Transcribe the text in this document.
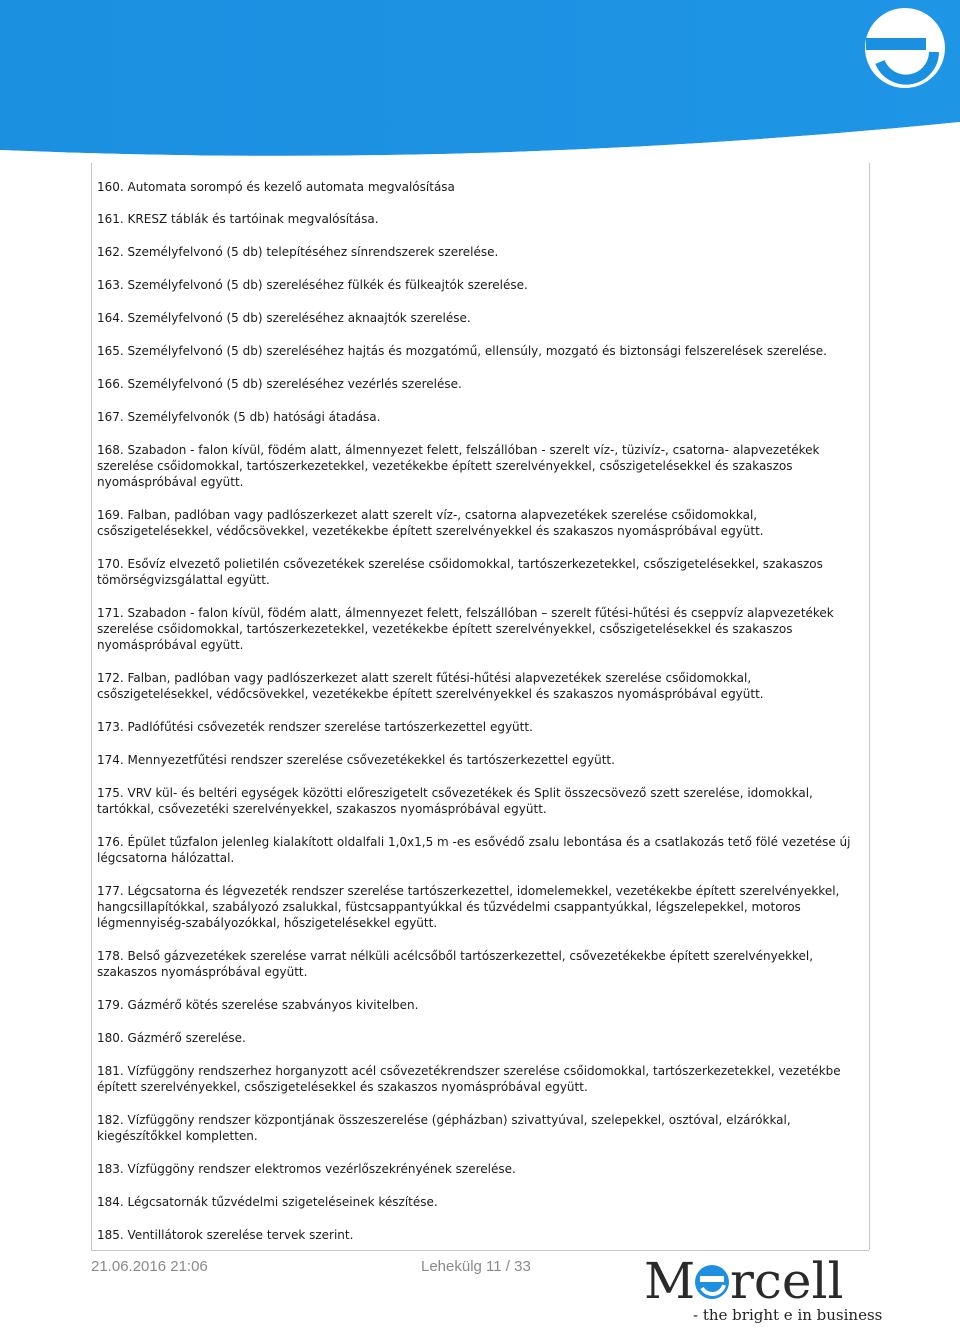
160. Automata sorompó és kezelő automata megvalósítása
161. KRESZ táblák és tartóinak megvalósítása.
162. Személyfelvonó (5 db) telepítéséhez sínrendszerek szerelése.
163. Személyfelvonó (5 db) szereléséhez fülkék és fülkeajtók szerelése.
164. Személyfelvonó (5 db) szereléséhez aknaajtók szerelése.
165. Személyfelvonó (5 db) szereléséhez hajtás és mozgatómű, ellensúly, mozgató és biztonsági felszerelések szerelése.
166. Személyfelvonó (5 db) szereléséhez vezérlés szerelése.
167. Személyfelvonók (5 db) hatósági átadása.
168. Szabadon - falon kívül, födém alatt, álmennyezet felett, felszállóban - szerelt víz-, tüzivíz-, csatorna- alapvezetékek szerelése csőidomokkal, tartószerkezetekkel, vezetékekbe épített szerelvényekkel, csőszigetelésekkel és szakaszos nyomáspróbával együtt.
169. Falban, padlóban vagy padlószerkezet alatt szerelt víz-, csatorna alapvezetékek szerelése csőidomokkal, csőszigetelésekkel, védőcsövekkel, vezetékekbe épített szerelvényekkel és szakaszos nyomáspróbával együtt.
170. Esővíz elvezető polietilén csővezetékek szerelése csőidomokkal, tartószerkezetekkel, csőszigetelésekkel, szakaszos tömörségvizsgálattal együtt.
171. Szabadon - falon kívül, födém alatt, álmennyezet felett, felszállóban – szerelt fűtési-hűtési és cseppvíz alapvezetékek szerelése csőidomokkal, tartószerkezetekkel, vezetékekbe épített szerelvényekkel, csőszigetelésekkel és szakaszos nyomáspróbával együtt.
172. Falban, padlóban vagy padlószerkezet alatt szerelt fűtési-hűtési alapvezetékek szerelése csőidomokkal, csőszigetelésekkel, védőcsövekkel, vezetékekbe épített szerelvényekkel és szakaszos nyomáspróbával együtt.
173. Padlófűtési csővezeték rendszer szerelése tartószerkezettel együtt.
174. Mennyezetfűtési rendszer szerelése csővezetékekkel és tartószerkezettel együtt.
175. VRV kül- és beltéri egységek közötti előreszigetelt csővezetékek és Split összecsövező szett szerelése, idomokkal, tartókkal, csővezetéki szerelvényekkel, szakaszos nyomáspróbával együtt.
176. Épület tűzfalon jelenleg kialakított oldalfali 1,0x1,5 m -es esővédő zsalu lebontása és a csatlakozás tető fölé vezetése új légcsatorna hálózattal.
177. Légcsatorna és légvezeték rendszer szerelése tartószerkezettel, idomelemekkel, vezetékekbe épített szerelvényekkel, hangcsillapítókkal, szabályozó zsalukkal, füstcsappantyúkkal és tűzvédelmi csappantyúkkal, légszelepekkel, motoros légmennyiség-szabályozókkal, hőszigetelésekkel együtt.
178. Belső gázvezetékek szerelése varrat nélküli acélcsőből tartószerkezettel, csővezetékekbe épített szerelvényekkel, szakaszos nyomáspróbával együtt.
179. Gázmérő kötés szerelése szabványos kivitelben.
180. Gázmérő szerelése.
181. Vízfüggöny rendszerhez horganyzott acél csővezetékrendszer szerelése csőidomokkal, tartószerkezetekkel, vezetékbe épített szerelvényekkel, csőszigetelésekkel és szakaszos nyomáspróbával együtt.
182. Vízfüggöny rendszer központjának összeszerelése (gépházban) szivattyúval, szelepekkel, osztóval, elzárókkal, kiegészítőkkel kompletten.
183. Vízfüggöny rendszer elektromos vezérlőszekrényének szerelése.
184. Légcsatornák tűzvédelmi szigeteléseinek készítése.
185. Ventillátorok szerelése tervek szerint.
21.06.2016 21:06	Lehekülg 11 / 33 M rcell
- the bright e in business
